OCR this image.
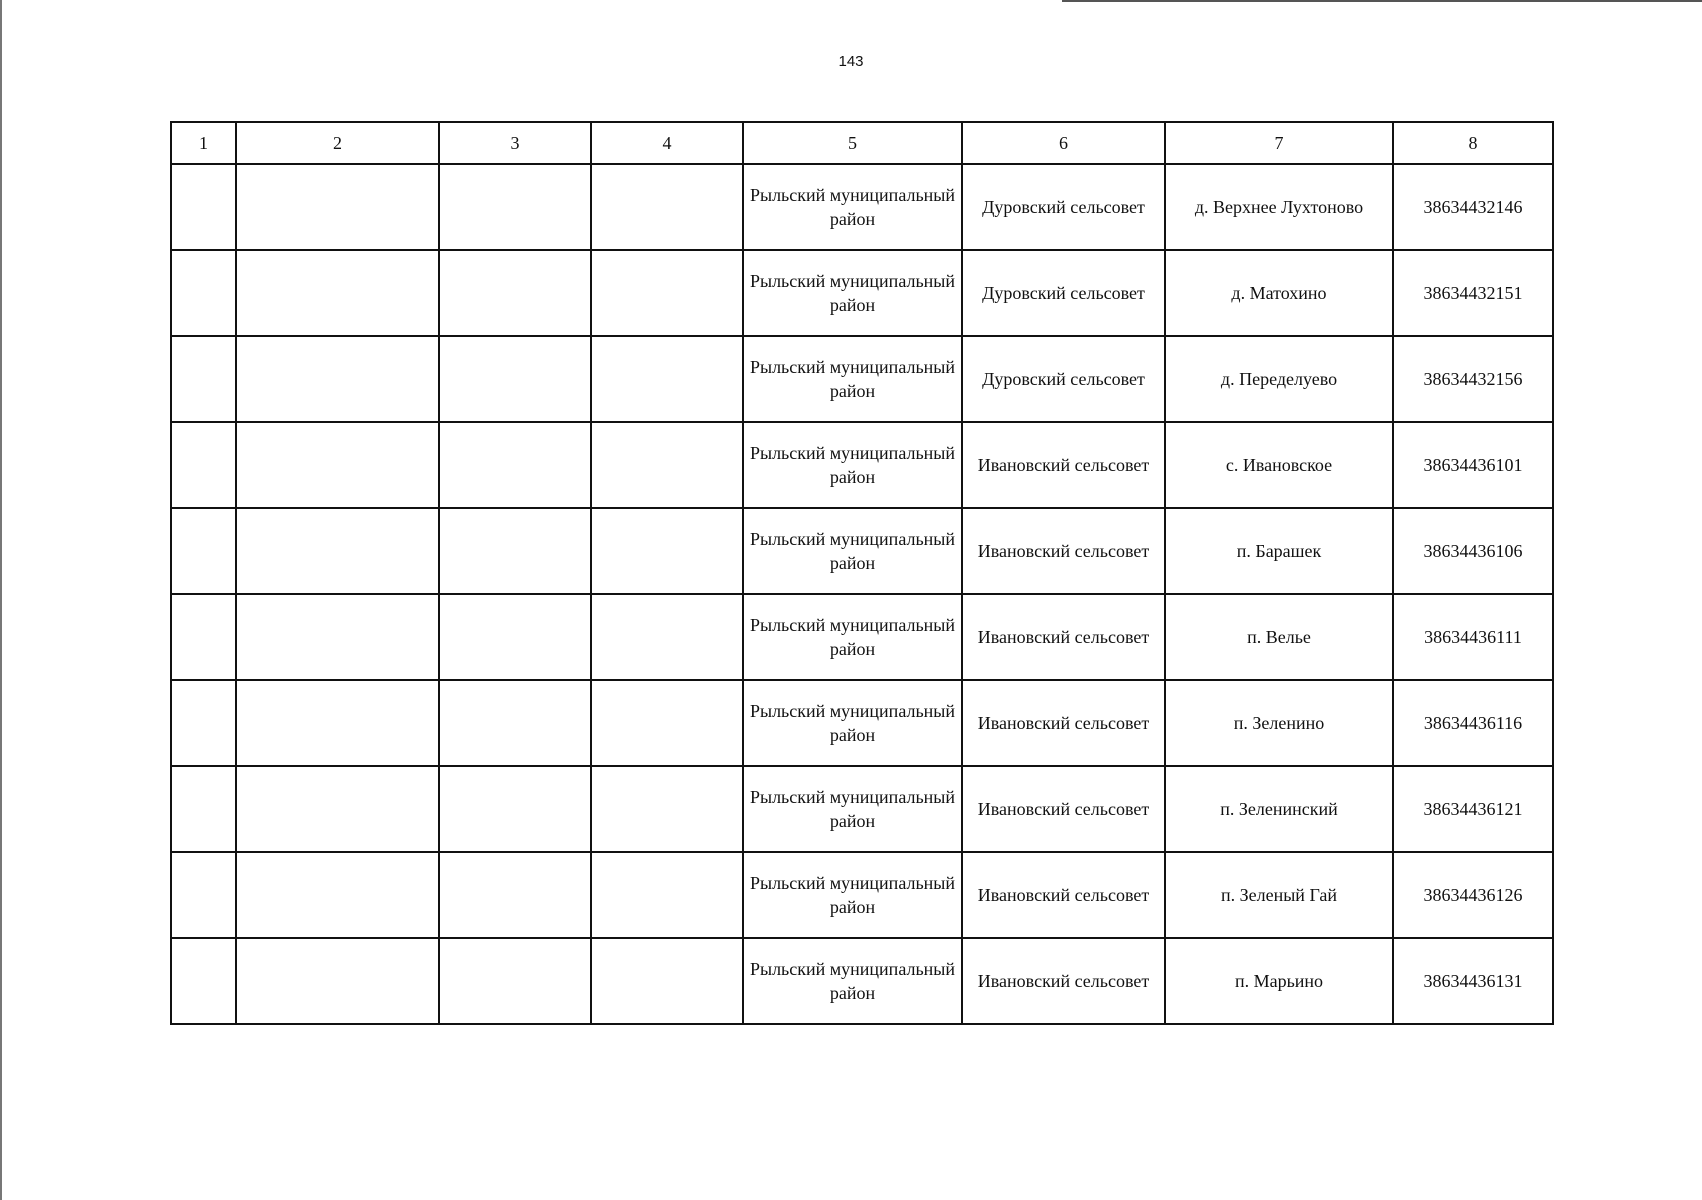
143
1	2	3	4	5	6	7	8
				Рыльский муниципальный район	Дуровский сельсовет	д. Верхнее Лухтоново	38634432146
				Рыльский муниципальный район	Дуровский сельсовет	д. Матохино	38634432151
				Рыльский муниципальный район	Дуровский сельсовет	д. Переделуево	38634432156
				Рыльский муниципальный район	Ивановский сельсовет	с. Ивановское	38634436101
				Рыльский муниципальный район	Ивановский сельсовет	п. Барашек	38634436106
				Рыльский муниципальный район	Ивановский сельсовет	п. Велье	38634436111
				Рыльский муниципальный район	Ивановский сельсовет	п. Зеленино	38634436116
				Рыльский муниципальный район	Ивановский сельсовет	п. Зеленинский	38634436121
				Рыльский муниципальный район	Ивановский сельсовет	п. Зеленый Гай	38634436126
				Рыльский муниципальный район	Ивановский сельсовет	п. Марьино	38634436131
